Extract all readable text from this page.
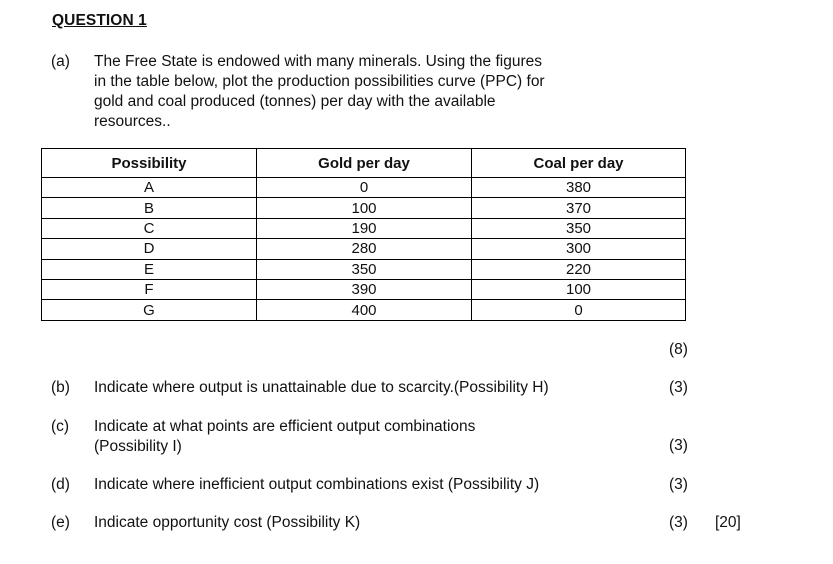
QUESTION 1
(a) The Free State is endowed with many minerals. Using the figures
in the table below, plot the production possibilities curve (PPC) for
gold and coal produced (tonnes) per day with the available
resources..
Possibility	Gold per day	Coal per day
A	0	380
B	100	370
C	190	350
D	280	300
E	350	220
F	390	100
G	400	0
(8)
(b) Indicate where output is unattainable due to scarcity.(Possibility H)	(3)
(c) Indicate at what points are efficient output combinations
(Possibility I)	(3)
(d) Indicate where inefficient output combinations exist (Possibility J)	(3)
(e) Indicate opportunity cost (Possibility K)	(3) [20]
